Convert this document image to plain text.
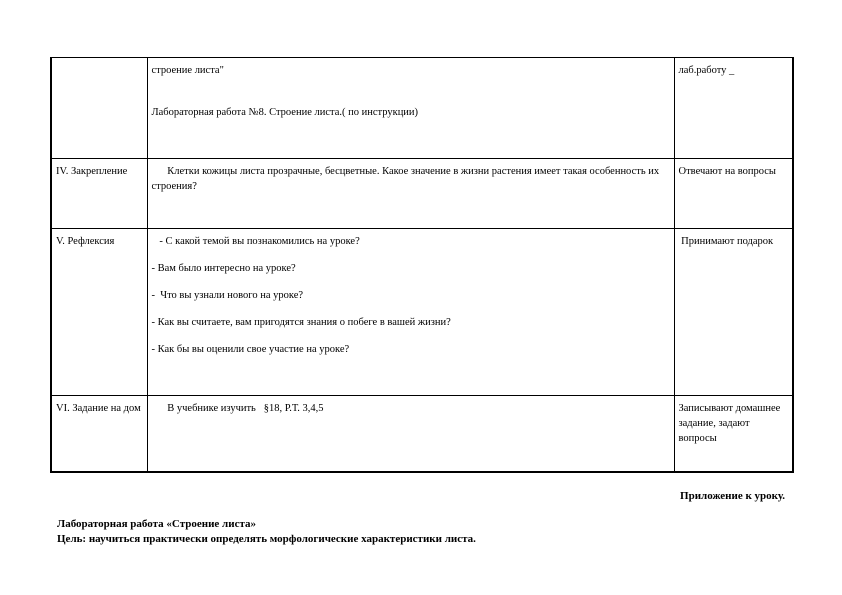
	строение листа"

Лабораторная работа №8. Строение листа.( по инструкции)	лаб.работу _
IV. Закрепление	Клетки кожицы листа прозрачные, бесцветные. Какое значение в жизни растения имеет такая особенность их строения?	Отвечают на вопросы
V. Рефлексия	- С какой темой вы познакомились на уроке?

- Вам было интересно на уроке?

-  Что вы узнали нового на уроке?

- Как вы считаете, вам пригодятся знания о побеге в вашей жизни?

- Как бы вы оценили свое участие на уроке?	Принимают подарок
VI. Задание на дом	В учебнике изучить   §18, Р.Т. 3,4,5	Записывают домашнее задание, задают вопросы
Приложение к уроку.
Лабораторная работа «Строение листа»
Цель: научиться практически определять морфологические характеристики листа.
